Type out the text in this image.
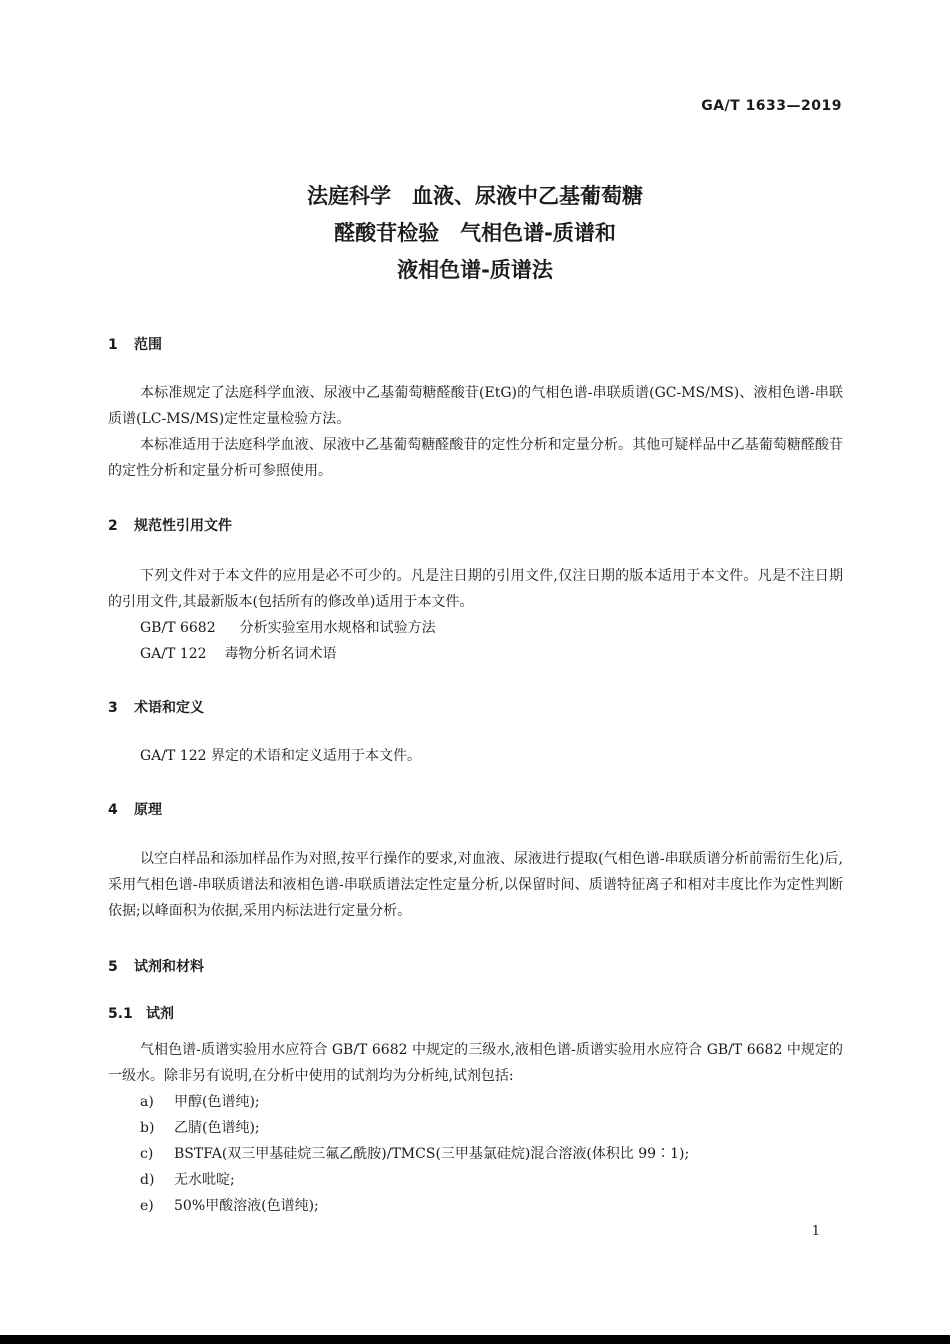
GA/T 1633—2019
法庭科学　血液、尿液中乙基葡萄糖
醛酸苷检验　气相色谱-质谱和
液相色谱-质谱法
1 范围
本标准规定了法庭科学血液、尿液中乙基葡萄糖醛酸苷(EtG)的气相色谱-串联质谱(GC-MS/MS)、液相色谱-串联质谱(LC-MS/MS)定性定量检验方法。
本标准适用于法庭科学血液、尿液中乙基葡萄糖醛酸苷的定性分析和定量分析。其他可疑样品中乙基葡萄糖醛酸苷的定性分析和定量分析可参照使用。
2 规范性引用文件
下列文件对于本文件的应用是必不可少的。凡是注日期的引用文件,仅注日期的版本适用于本文件。凡是不注日期的引用文件,其最新版本(包括所有的修改单)适用于本文件。
GB/T 6682 分析实验室用水规格和试验方法
GA/T 122 毒物分析名词术语
3 术语和定义
GA/T 122 界定的术语和定义适用于本文件。
4 原理
以空白样品和添加样品作为对照,按平行操作的要求,对血液、尿液进行提取(气相色谱-串联质谱分析前需衍生化)后,采用气相色谱-串联质谱法和液相色谱-串联质谱法定性定量分析,以保留时间、质谱特征离子和相对丰度比作为定性判断依据;以峰面积为依据,采用内标法进行定量分析。
5 试剂和材料
5.1 试剂
气相色谱-质谱实验用水应符合 GB/T 6682 中规定的三级水,液相色谱-质谱实验用水应符合 GB/T 6682 中规定的一级水。除非另有说明,在分析中使用的试剂均为分析纯,试剂包括:
a) 甲醇(色谱纯);
b) 乙腈(色谱纯);
c) BSTFA(双三甲基硅烷三氟乙酰胺)/TMCS(三甲基氯硅烷)混合溶液(体积比 99∶1);
d) 无水吡啶;
e) 50%甲酸溶液(色谱纯);
1
